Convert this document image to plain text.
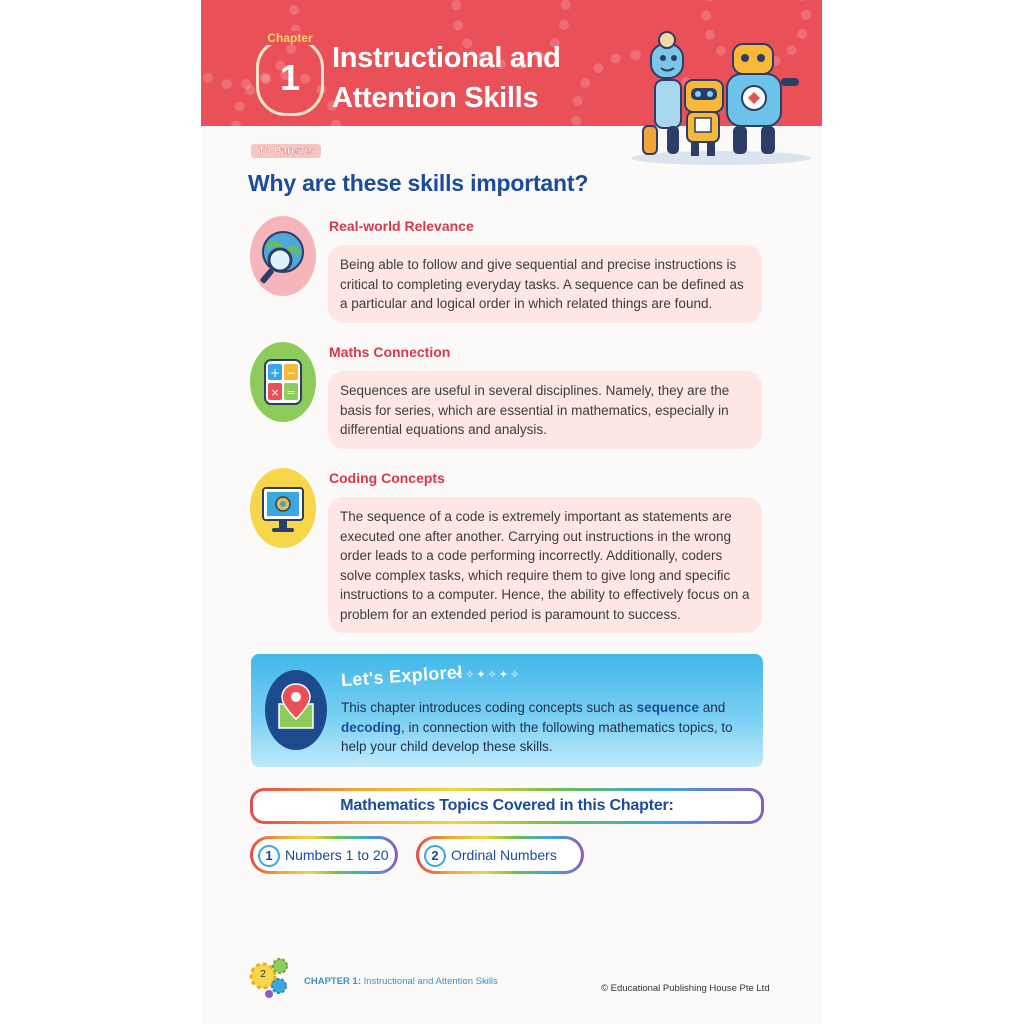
Chapter
1	Instructional and
Attention Skills
To Parents
Why are these skills important?
Real-world Relevance
Being able to follow and give sequential and precise instructions is critical to completing everyday tasks. A sequence can be defined as a particular and logical order in which related things are found.
+ −
× =
Maths Connection
Sequences are useful in several disciplines. Namely, they are the basis for series, which are essential in mathematics, especially in differential equations and analysis.
Coding Concepts
The sequence of a code is extremely important as statements are executed one after another. Carrying out instructions in the wrong order leads to a code performing incorrectly. Additionally, coders solve complex tasks, which require them to give long and specific instructions to a computer. Hence, the ability to effectively focus on a problem for an extended period is paramount to success.
Let's Explore!
✦✧✦✧✦✧
This chapter introduces coding concepts such as sequence and decoding, in connection with the following mathematics topics, to help your child develop these skills.
Mathematics Topics Covered in this Chapter:
1 Numbers 1 to 20	2 Ordinal Numbers
2
CHAPTER 1: Instructional and Attention Skills
© Educational Publishing House Pte Ltd
